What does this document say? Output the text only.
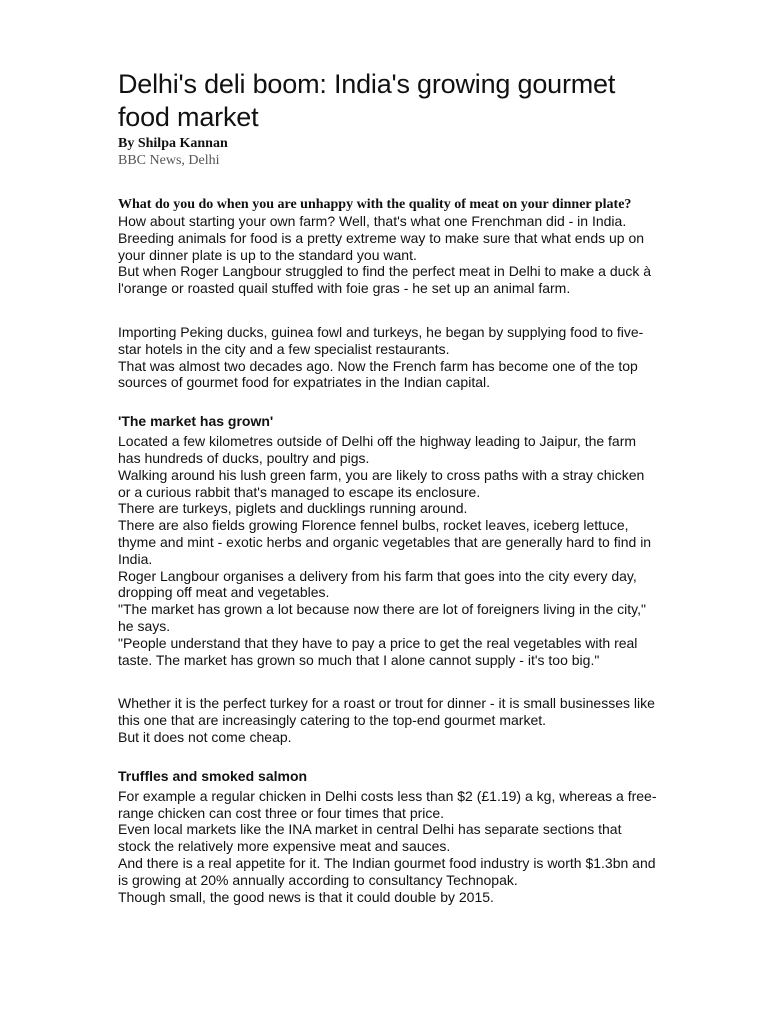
Delhi's deli boom: India's growing gourmet food market
By Shilpa Kannan
BBC News, Delhi
What do you do when you are unhappy with the quality of meat on your dinner plate?

How about starting your own farm? Well, that's what one Frenchman did - in India.

Breeding animals for food is a pretty extreme way to make sure that what ends up on your dinner plate is up to the standard you want.

But when Roger Langbour struggled to find the perfect meat in Delhi to make a duck à l'orange or roasted quail stuffed with foie gras - he set up an animal farm.

Importing Peking ducks, guinea fowl and turkeys, he began by supplying food to five-star hotels in the city and a few specialist restaurants.

That was almost two decades ago. Now the French farm has become one of the top sources of gourmet food for expatriates in the Indian capital.

'The market has grown'

Located a few kilometres outside of Delhi off the highway leading to Jaipur, the farm has hundreds of ducks, poultry and pigs.

Walking around his lush green farm, you are likely to cross paths with a stray chicken or a curious rabbit that's managed to escape its enclosure.

There are turkeys, piglets and ducklings running around.

There are also fields growing Florence fennel bulbs, rocket leaves, iceberg lettuce, thyme and mint - exotic herbs and organic vegetables that are generally hard to find in India.

Roger Langbour organises a delivery from his farm that goes into the city every day, dropping off meat and vegetables.

"The market has grown a lot because now there are lot of foreigners living in the city," he says.

"People understand that they have to pay a price to get the real vegetables with real taste. The market has grown so much that I alone cannot supply - it's too big."

Whether it is the perfect turkey for a roast or trout for dinner - it is small businesses like this one that are increasingly catering to the top-end gourmet market.

But it does not come cheap.

Truffles and smoked salmon

For example a regular chicken in Delhi costs less than $2 (£1.19) a kg, whereas a free-range chicken can cost three or four times that price.

Even local markets like the INA market in central Delhi has separate sections that stock the relatively more expensive meat and sauces.

And there is a real appetite for it. The Indian gourmet food industry is worth $1.3bn and is growing at 20% annually according to consultancy Technopak.

Though small, the good news is that it could double by 2015.
